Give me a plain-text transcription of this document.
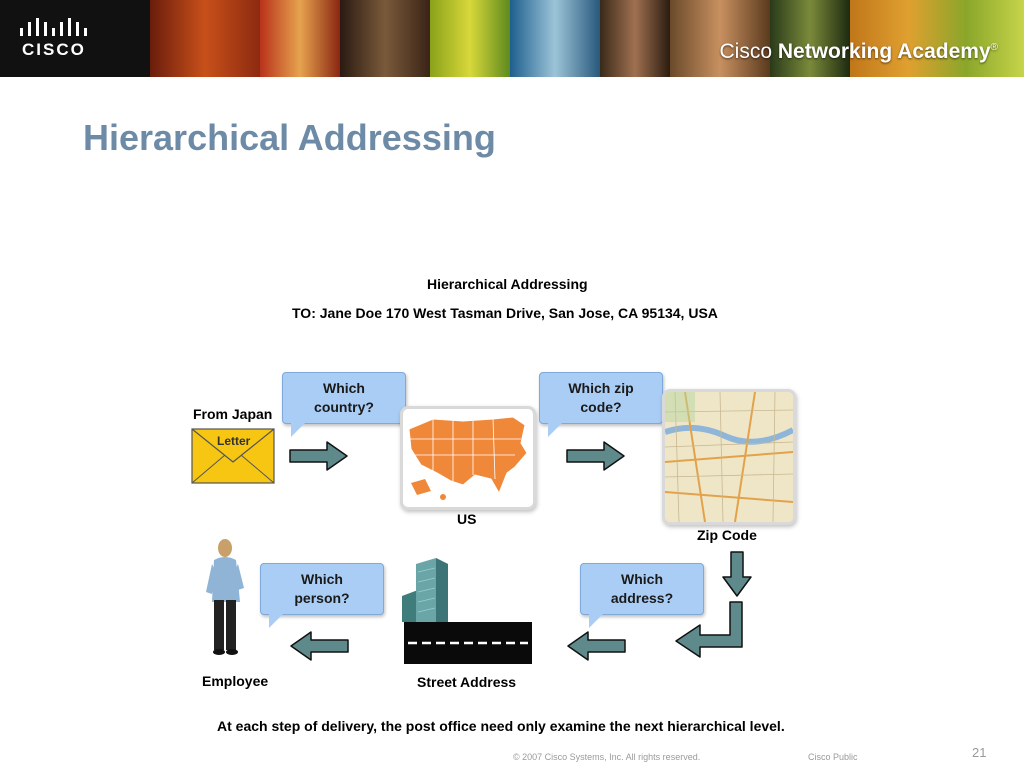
CISCO	Cisco Networking Academy®
Hierarchical Addressing
Hierarchical Addressing
TO: Jane Doe 170 West Tasman Drive, San Jose, CA 95134, USA
From Japan
Letter
Which
country?
US
Which zip
code?
Zip Code
Which
address?
Street Address
Which
person?
Employee
At each step of delivery, the post office need only examine the next hierarchical level.
© 2007 Cisco Systems, Inc. All rights reserved.	Cisco Public	21
